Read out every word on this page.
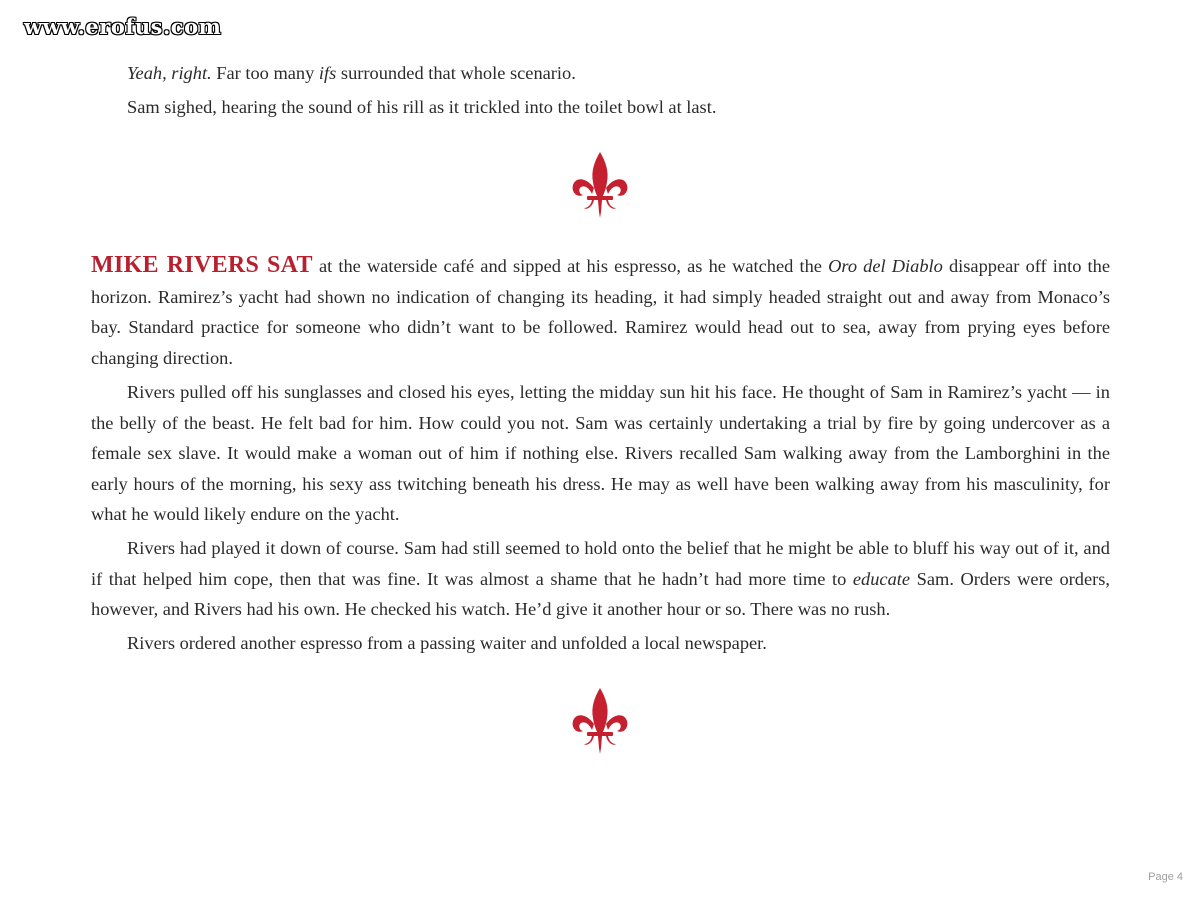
www.erofus.com

Yeah, right. Far too many ifs surrounded that whole scenario.

Sam sighed, hearing the sound of his rill as it trickled into the toilet bowl at last.

MIKE RIVERS SAT at the waterside café and sipped at his espresso, as he watched the Oro del Diablo disappear off into the horizon. Ramirez’s yacht had shown no indication of changing its heading, it had simply headed straight out and away from Monaco’s bay. Standard practice for someone who didn’t want to be followed. Ramirez would head out to sea, away from prying eyes before changing direction.

Rivers pulled off his sunglasses and closed his eyes, letting the midday sun hit his face. He thought of Sam in Ramirez’s yacht — in the belly of the beast. He felt bad for him. How could you not. Sam was certainly undertaking a trial by fire by going undercover as a female sex slave. It would make a woman out of him if nothing else. Rivers recalled Sam walking away from the Lamborghini in the early hours of the morning, his sexy ass twitching beneath his dress. He may as well have been walking away from his masculinity, for what he would likely endure on the yacht.

Rivers had played it down of course. Sam had still seemed to hold onto the belief that he might be able to bluff his way out of it, and if that helped him cope, then that was fine. It was almost a shame that he hadn’t had more time to educate Sam. Orders were orders, however, and Rivers had his own. He checked his watch. He’d give it another hour or so. There was no rush.

Rivers ordered another espresso from a passing waiter and unfolded a local newspaper.

Page 4
